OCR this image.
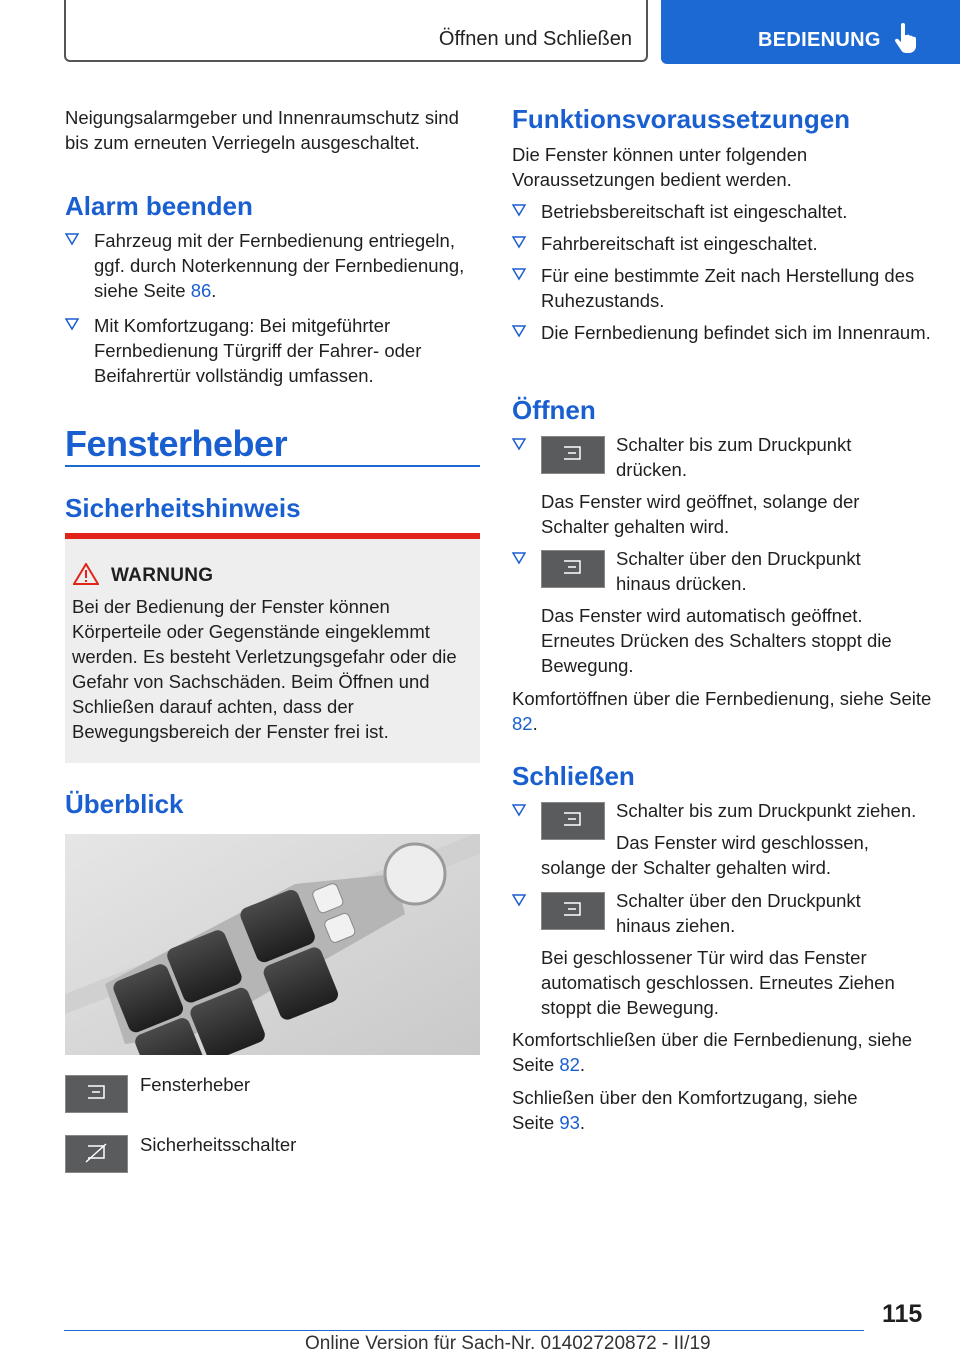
Öffnen und Schließen	BEDIENUNG

Neigungsalarmgeber und Innenraumschutz sind bis zum erneuten Verriegeln ausgeschaltet.

Alarm beenden
Fahrzeug mit der Fernbedienung entriegeln, ggf. durch Noterkennung der Fernbedienung, siehe Seite 86.
Mit Komfortzugang: Bei mitgeführter Fernbedienung Türgriff der Fahrer- oder Beifahrertür vollständig umfassen.
Fensterheber
Sicherheitshinweis
WARNUNG
Bei der Bedienung der Fenster können Körperteile oder Gegenstände eingeklemmt werden. Es besteht Verletzungsgefahr oder die Gefahr von Sachschäden. Beim Öffnen und Schließen darauf achten, dass der Bewegungsbereich der Fenster frei ist.
Überblick
Fensterheber
Sicherheitsschalter
Funktionsvoraussetzungen

Die Fenster können unter folgenden Voraussetzungen bedient werden.

Betriebsbereitschaft ist eingeschaltet.
Fahrbereitschaft ist eingeschaltet.
Für eine bestimmte Zeit nach Herstellung des Ruhezustands.
Die Fernbedienung befindet sich im Innenraum.
Öffnen
Schalter bis zum Druckpunkt drücken.
Das Fenster wird geöffnet, solange der Schalter gehalten wird.
Schalter über den Druckpunkt hinaus drücken.
Das Fenster wird automatisch geöffnet. Erneutes Drücken des Schalters stoppt die Bewegung.
Komfortöffnen über die Fernbedienung, siehe Seite 82.
Schließen
Schalter bis zum Druckpunkt ziehen.
Das Fenster wird geschlossen, solange der Schalter gehalten wird.
Schalter über den Druckpunkt hinaus ziehen.
Bei geschlossener Tür wird das Fenster automatisch geschlossen. Erneutes Ziehen stoppt die Bewegung.
Komfortschließen über die Fernbedienung, siehe Seite 82.
Schließen über den Komfortzugang, siehe Seite 93.
115
Online Version für Sach-Nr. 01402720872 - II/19
